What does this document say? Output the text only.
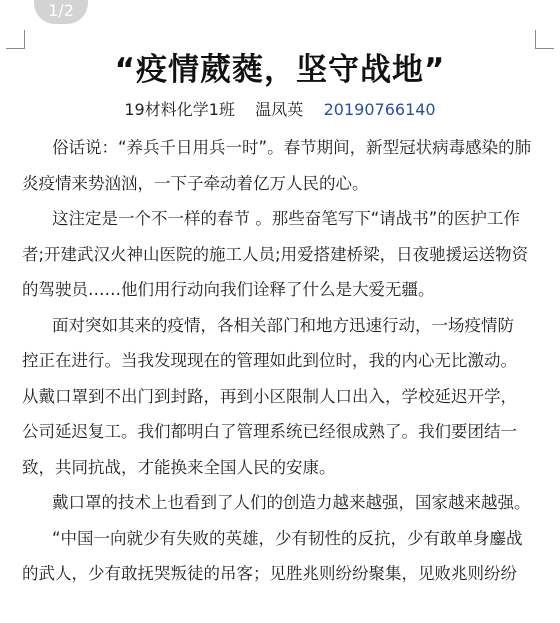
1/2
“疫情葳蕤，坚守战地”
19材料化学1班 温凤英 20190766140
俗话说：“养兵千日用兵一时”。春节期间，新型冠状病毒感染的肺
炎疫情来势汹汹，一下子牵动着亿万人民的心。
这注定是一个不一样的春节 。那些奋笔写下“请战书”的医护工作
者;开建武汉火神山医院的施工人员;用爱搭建桥梁，日夜驰援运送物资
的驾驶员……他们用行动向我们诠释了什么是大爱无疆。
面对突如其来的疫情，各相关部门和地方迅速行动，一场疫情防
控正在进行。当我发现现在的管理如此到位时，我的内心无比激动。
从戴口罩到不出门到封路，再到小区限制人口出入，学校延迟开学，
公司延迟复工。我们都明白了管理系统已经很成熟了。我们要团结一
致，共同抗战，才能换来全国人民的安康。
戴口罩的技术上也看到了人们的创造力越来越强，国家越来越强。
“中国一向就少有失败的英雄，少有韧性的反抗，少有敢单身鏖战
的武人，少有敢抚哭叛徒的吊客；见胜兆则纷纷聚集，见败兆则纷纷
